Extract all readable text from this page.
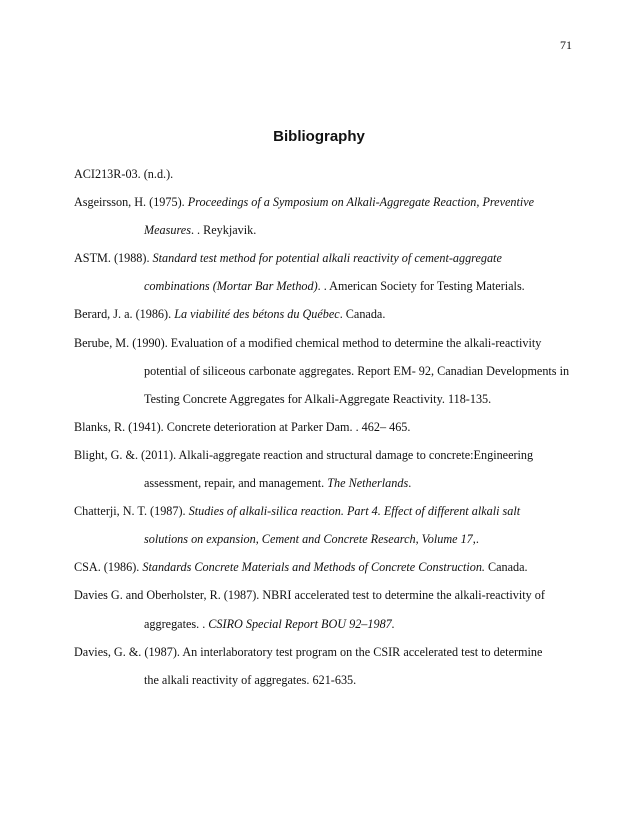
71
Bibliography
ACI213R-03. (n.d.).
Asgeirsson, H. (1975). Proceedings of a Symposium on Alkali-Aggregate Reaction, Preventive
Measures. . Reykjavik.
ASTM. (1988). Standard test method for potential alkali reactivity of cement-aggregate
combinations (Mortar Bar Method). . American Society for Testing Materials.
Berard, J. a. (1986). La viabilité des bétons du Québec. Canada.
Berube, M. (1990). Evaluation of a modified chemical method to determine the alkali-reactivity
potential of siliceous carbonate aggregates. Report EM- 92, Canadian Developments in
Testing Concrete Aggregates for Alkali-Aggregate Reactivity. 118-135.
Blanks, R. (1941). Concrete deterioration at Parker Dam. . 462– 465.
Blight, G. &. (2011). Alkali-aggregate reaction and structural damage to concrete:Engineering
assessment, repair, and management. The Netherlands.
Chatterji, N. T. (1987). Studies of alkali-silica reaction. Part 4. Effect of different alkali salt
solutions on expansion, Cement and Concrete Research, Volume 17,.
CSA. (1986). Standards Concrete Materials and Methods of Concrete Construction. Canada.
Davies G. and Oberholster, R. (1987). NBRI accelerated test to determine the alkali-reactivity of
aggregates. . CSIRO Special Report BOU 92–1987.
Davies, G. &. (1987). An interlaboratory test program on the CSIR accelerated test to determine
the alkali reactivity of aggregates. 621-635.
